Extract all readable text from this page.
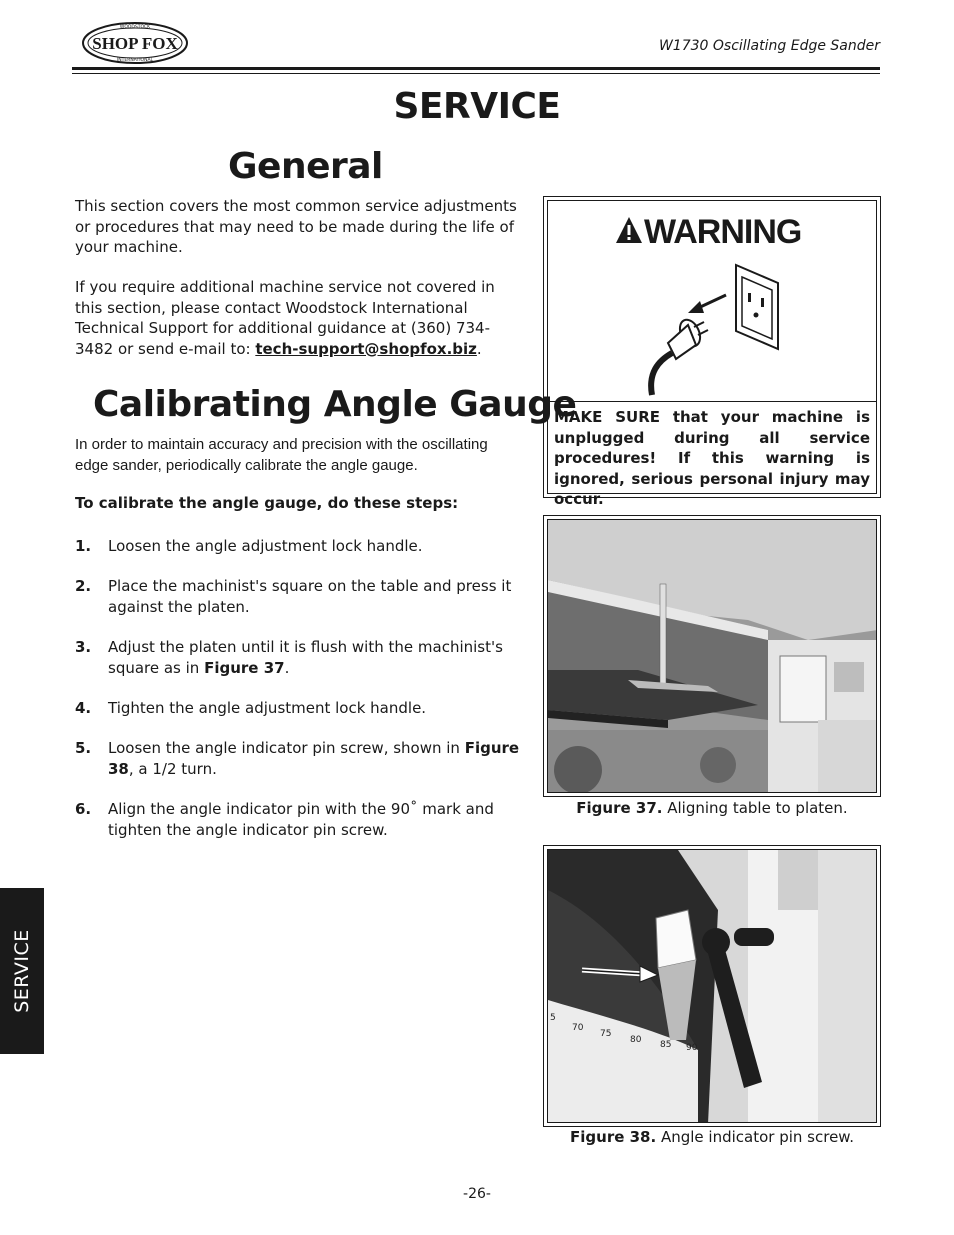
SHOP FOX
WOODSTOCK
INTERNATIONAL
W1730 Oscillating Edge Sander
SERVICE
General
This section covers the most common service adjustments or procedures that may need to be made during the life of your machine.
If you require additional machine service not covered in this section, please contact Woodstock International Technical Support for additional guidance at (360) 734-3482 or send e-mail to: tech-support@shopfox.biz.
Calibrating Angle Gauge
In order to maintain accuracy and precision with the oscillating edge sander, periodically calibrate the angle gauge.
To calibrate the angle gauge, do these steps:
1. Loosen the angle adjustment lock handle.
2. Place the machinist's square on the table and press it against the platen.
3. Adjust the platen until it is flush with the machinist's square as in Figure 37.
4. Tighten the angle adjustment lock handle.
5. Loosen the angle indicator pin screw, shown in Figure 38, a 1/2 turn.
6. Align the angle indicator pin with the 90˚ mark and tighten the angle indicator pin screw.
WARNING
MAKE SURE that your machine is unplugged during all service procedures! If this warning is ignored, serious personal injury may occur.
Figure 37. Aligning table to platen.
5
70
75
80 85 90
Figure 38. Angle indicator pin screw.
SERVICE
-26-
